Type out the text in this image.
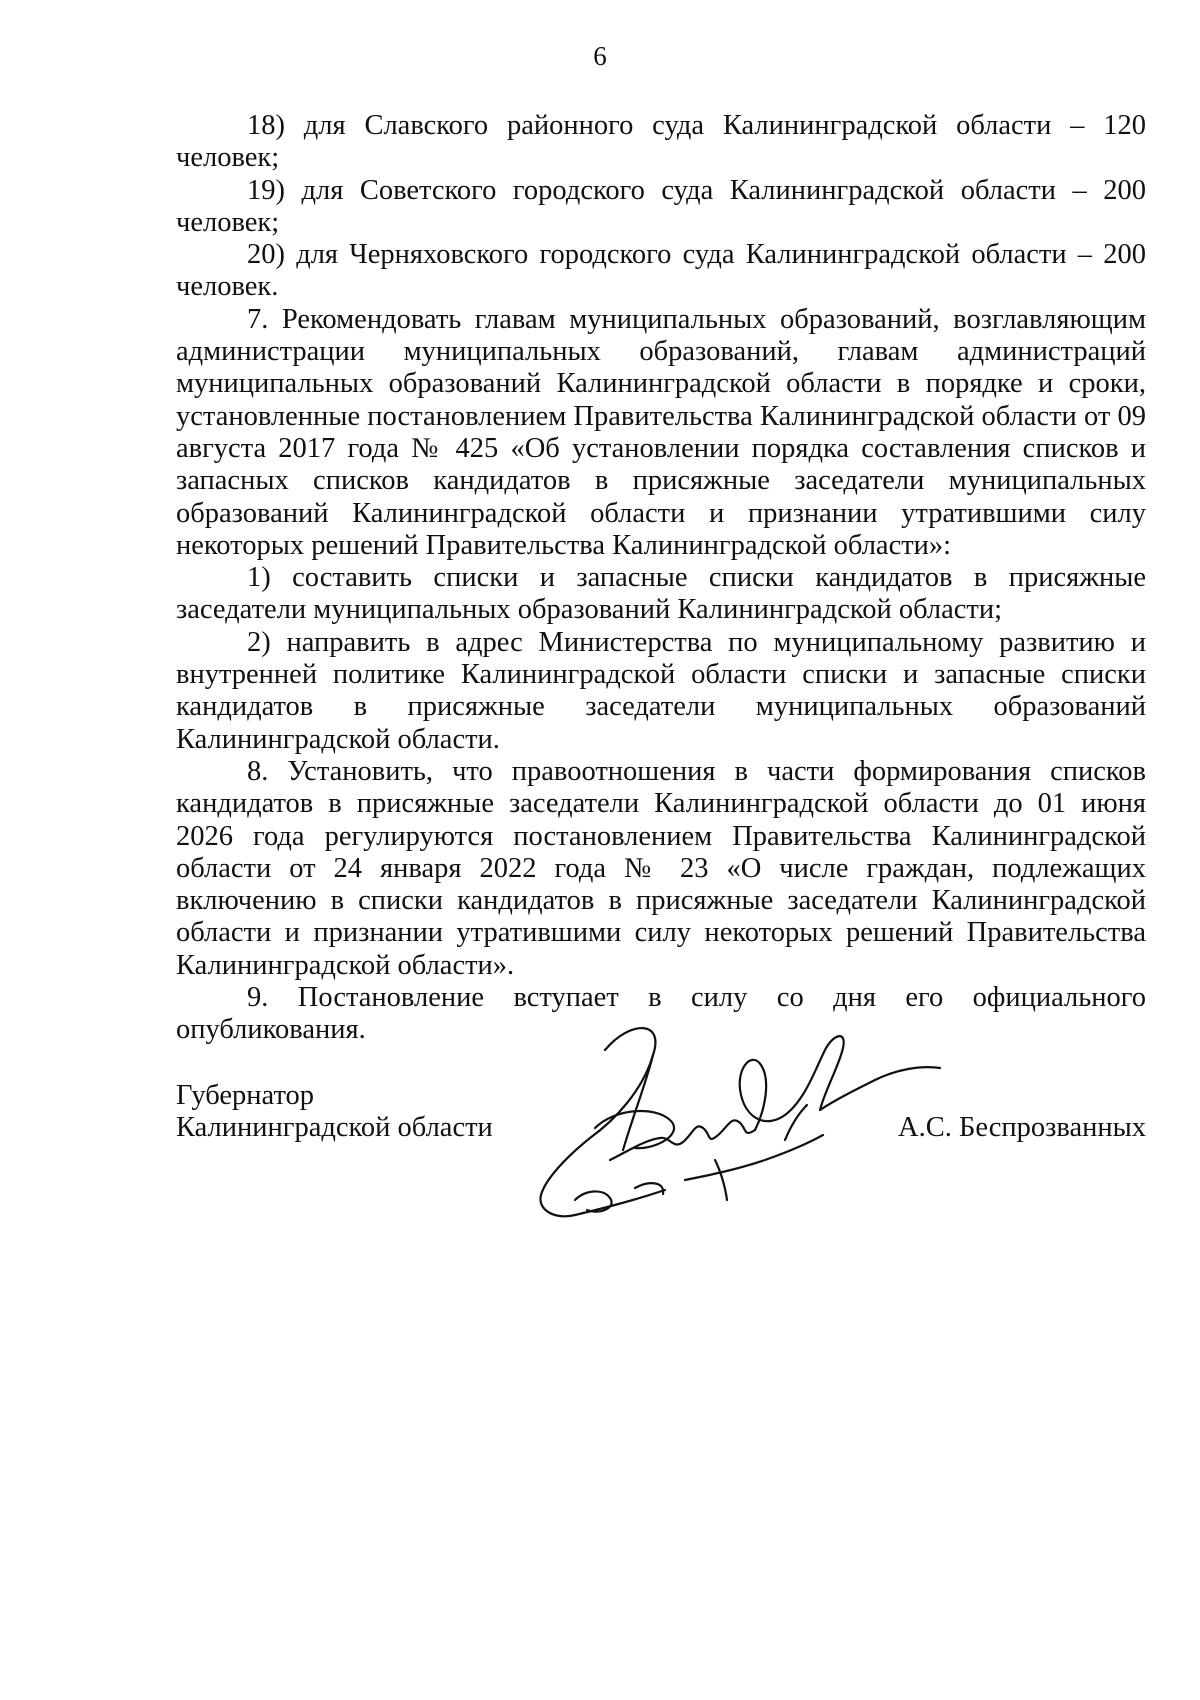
6

18) для Славского районного суда Калининградской области – 120 человек;

19) для Советского городского суда Калининградской области – 200 человек;

20) для Черняховского городского суда Калининградской области – 200 человек.

7. Рекомендовать главам муниципальных образований, возглавляющим администрации муниципальных образований, главам администраций муниципальных образований Калининградской области в порядке и сроки, установленные постановлением Правительства Калининградской области от 09 августа 2017 года № 425 «Об установлении порядка составления списков и запасных списков кандидатов в присяжные заседатели муниципальных образований Калининградской области и признании утратившими силу некоторых решений Правительства Калининградской области»:

1) составить списки и запасные списки кандидатов в присяжные заседатели муниципальных образований Калининградской области;

2) направить в адрес Министерства по муниципальному развитию и внутренней политике Калининградской области списки и запасные списки кандидатов в присяжные заседатели муниципальных образований Калининградской области.

8. Установить, что правоотношения в части формирования списков кандидатов в присяжные заседатели Калининградской области до 01 июня 2026 года регулируются постановлением Правительства Калининградской области от 24 января 2022 года № 23 «О числе граждан, подлежащих включению в списки кандидатов в присяжные заседатели Калининградской области и признании утратившими силу некоторых решений Правительства Калининградской области».

9. Постановление вступает в силу со дня его официального опубликования.

Губернатор
Калининградской области	А.С. Беспрозванных
